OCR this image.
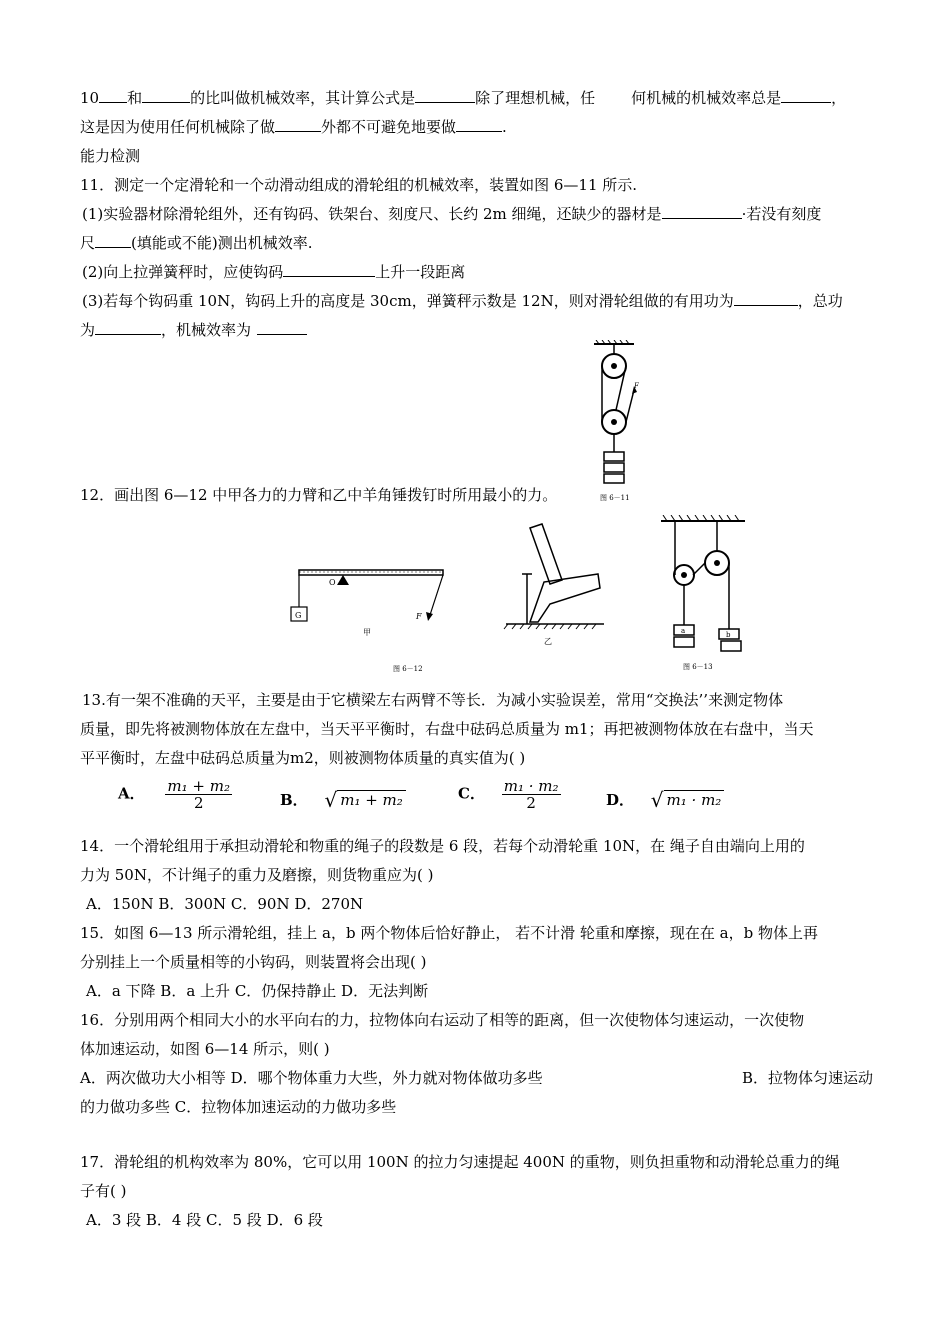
10 和	的比叫做机械效率，其计算公式是	除了理想机械，任 何机械的机械效率总是	，
这是因为使用任何机械除了做	外都不可避免地要做	.
能力检测
11．测定一个定滑轮和一个动滑动组成的滑轮组的机械效率，装置如图 6—11 所示.
(1)实验器材除滑轮组外，还有钩码、铁架台、刻度尺、长约 2m 细绳，还缺少的器材是	·若没有刻度
尺 (填能或不能)测出机械效率.
(2)向上拉弹簧秤时，应使钩码	上升一段距离
(3)若每个钩码重 10N，钩码上升的高度是 30cm，弹簧秤示数是 12N，则对滑轮组做的有用功为	，总功
为	，机械效率为
F
图 6－11
12．画出图 6—12 中甲各力的力臂和乙中羊角锤拨钉时所用最小的力。
G
O
F
甲
图 6－12
乙
a	b
图 6－13
13.有一架不准确的天平，主要是由于它横梁左右两臂不等长．为减小实验误差，常用“交换法’’来测定物体
质量，即先将被测物体放在左盘中，当天平平衡时，右盘中砝码总质量为 m1；再把被测物体放在右盘中，当天
平平衡时，左盘中砝码总质量为m2，则被测物体质量的真实值为( )
A． $\frac{\text{m₁ + m₂}}{2}$	B． √ m₁ + m₂	C． $\frac{\text{m₁ · m₂}}{2}$	D． √ m₁ · m₂
14．一个滑轮组用于承担动滑轮和物重的绳子的段数是 6 段，若每个动滑轮重 10N，在 绳子自由端向上用的
力为 50N，不计绳子的重力及磨擦，则货物重应为( )
A．150N B．300N C．90N D．270N
15．如图 6—13 所示滑轮组，挂上 a，b 两个物体后恰好静止， 若不计滑 轮重和摩擦，现在在 a，b 物体上再
分别挂上一个质量相等的小钩码，则装置将会出现( )
A．a 下降 B．a 上升 C．仍保持静止 D．无法判断
16．分别用两个相同大小的水平向右的力，拉物体向右运动了相等的距离，但一次使物体匀速运动，一次使物
体加速运动，如图 6—14 所示，则( )
A．两次做功大小相等 D．哪个物体重力大些，外力就对物体做功多些	B．拉物体匀速运动
的力做功多些 C．拉物体加速运动的力做功多些
17．滑轮组的机构效率为 80%，它可以用 100N 的拉力匀速提起 400N 的重物，则负担重物和动滑轮总重力的绳
子有( )
A．3 段 B．4 段 C．5 段 D．6 段
